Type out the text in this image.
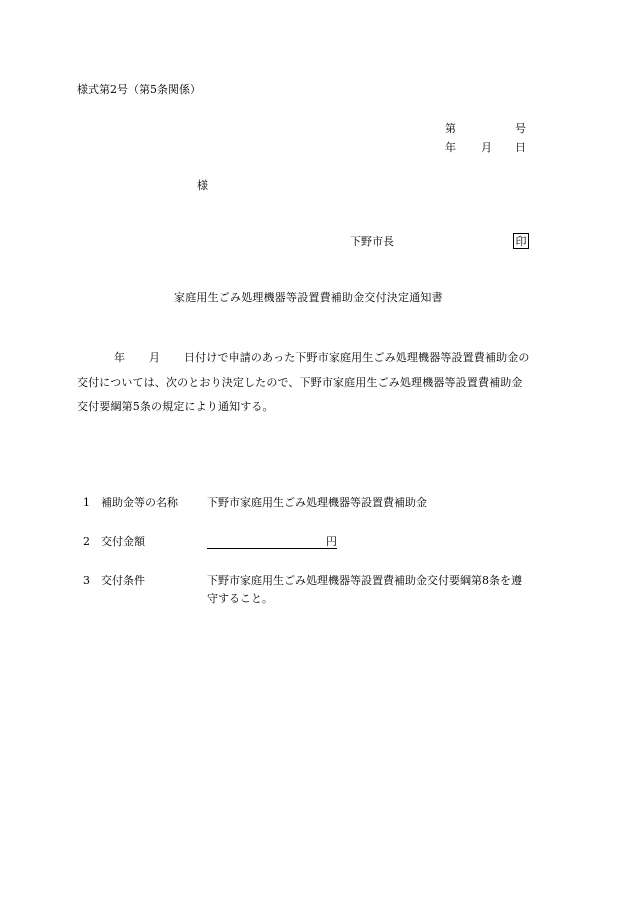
様式第2号（第5条関係）
第	号
年 月 日
様
下野市長	印
家庭用生ごみ処理機器等設置費補助金交付決定通知書
年 月 日付けで申請のあった下野市家庭用生ごみ処理機器等設置費補助金の
交付については、次のとおり決定したので、下野市家庭用生ごみ処理機器等設置費補助金
交付要綱第5条の規定により通知する。
1 補助金等の名称	下野市家庭用生ごみ処理機器等設置費補助金
2 交付金額	円
3 交付条件	下野市家庭用生ごみ処理機器等設置費補助金交付要綱第8条を遵
守すること。
